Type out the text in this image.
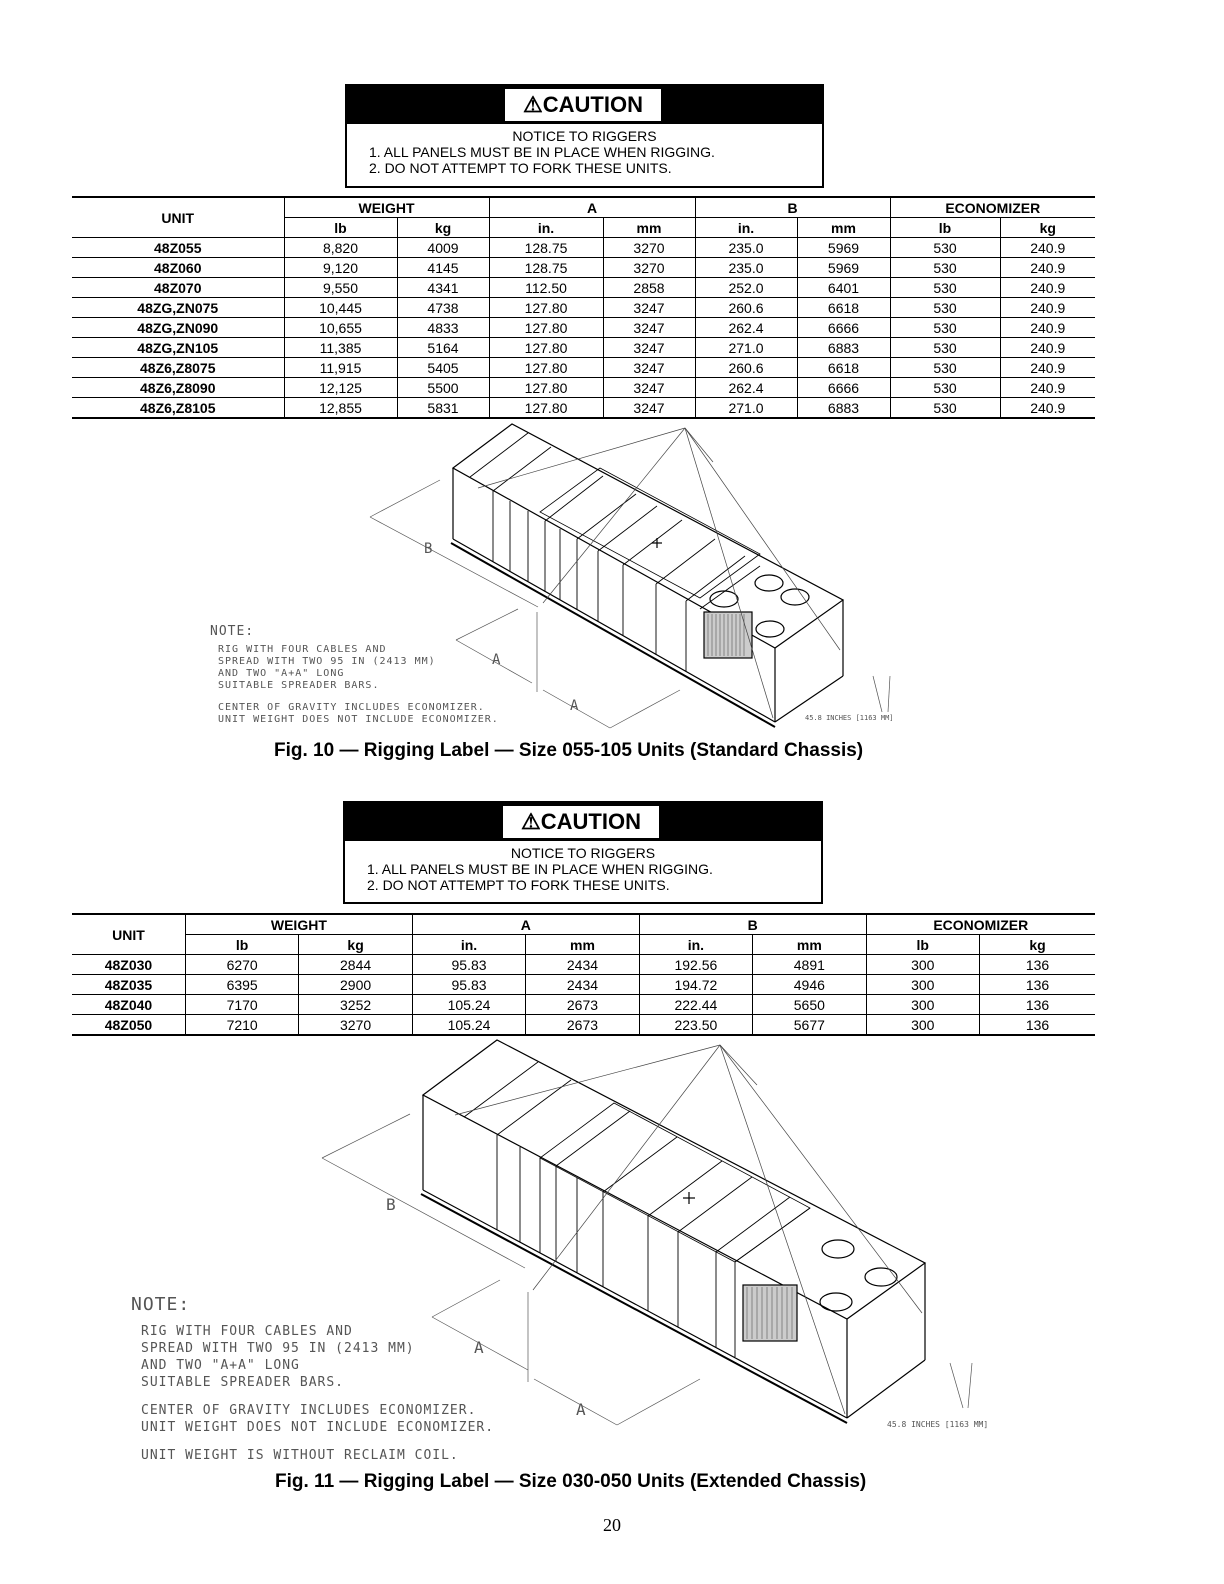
⚠CAUTION
NOTICE TO RIGGERS
1. ALL PANELS MUST BE IN PLACE WHEN RIGGING.
2. DO NOT ATTEMPT TO FORK THESE UNITS.
UNIT	WEIGHT		A		B		ECONOMIZER	
	lb	kg	in.	mm	in.	mm	lb	kg
48Z055	8,820	4009	128.75	3270	235.0	5969	530	240.9
48Z060	9,120	4145	128.75	3270	235.0	5969	530	240.9
48Z070	9,550	4341	112.50	2858	252.0	6401	530	240.9
48ZG,ZN075	10,445	4738	127.80	3247	260.6	6618	530	240.9
48ZG,ZN090	10,655	4833	127.80	3247	262.4	6666	530	240.9
48ZG,ZN105	11,385	5164	127.80	3247	271.0	6883	530	240.9
48Z6,Z8075	11,915	5405	127.80	3247	260.6	6618	530	240.9
48Z6,Z8090	12,125	5500	127.80	3247	262.4	6666	530	240.9
48Z6,Z8105	12,855	5831	127.80	3247	271.0	6883	530	240.9
A
A
B
45.8 INCHES [1163 MM]
NOTE:
RIG WITH FOUR CABLES AND
SPREAD WITH TWO 95 IN (2413 MM)
AND TWO "A+A" LONG
SUITABLE SPREADER BARS.
CENTER OF GRAVITY INCLUDES ECONOMIZER.
UNIT WEIGHT DOES NOT INCLUDE ECONOMIZER.
Fig. 10 — Rigging Label — Size 055-105 Units (Standard Chassis)
⚠CAUTION
NOTICE TO RIGGERS
1. ALL PANELS MUST BE IN PLACE WHEN RIGGING.
2. DO NOT ATTEMPT TO FORK THESE UNITS.
UNIT	WEIGHT		A		B		ECONOMIZER	
	lb	kg	in.	mm	in.	mm	lb	kg
48Z030	6270	2844	95.83	2434	192.56	4891	300	136
48Z035	6395	2900	95.83	2434	194.72	4946	300	136
48Z040	7170	3252	105.24	2673	222.44	5650	300	136
48Z050	7210	3270	105.24	2673	223.50	5677	300	136
A
A
B
45.8 INCHES [1163 MM]
NOTE:
RIG WITH FOUR CABLES AND
SPREAD WITH TWO 95 IN (2413 MM)
AND TWO "A+A" LONG
SUITABLE SPREADER BARS.
CENTER OF GRAVITY INCLUDES ECONOMIZER.
UNIT WEIGHT DOES NOT INCLUDE ECONOMIZER.
UNIT WEIGHT IS WITHOUT RECLAIM COIL.
Fig. 11 — Rigging Label — Size 030-050 Units (Extended Chassis)
20
